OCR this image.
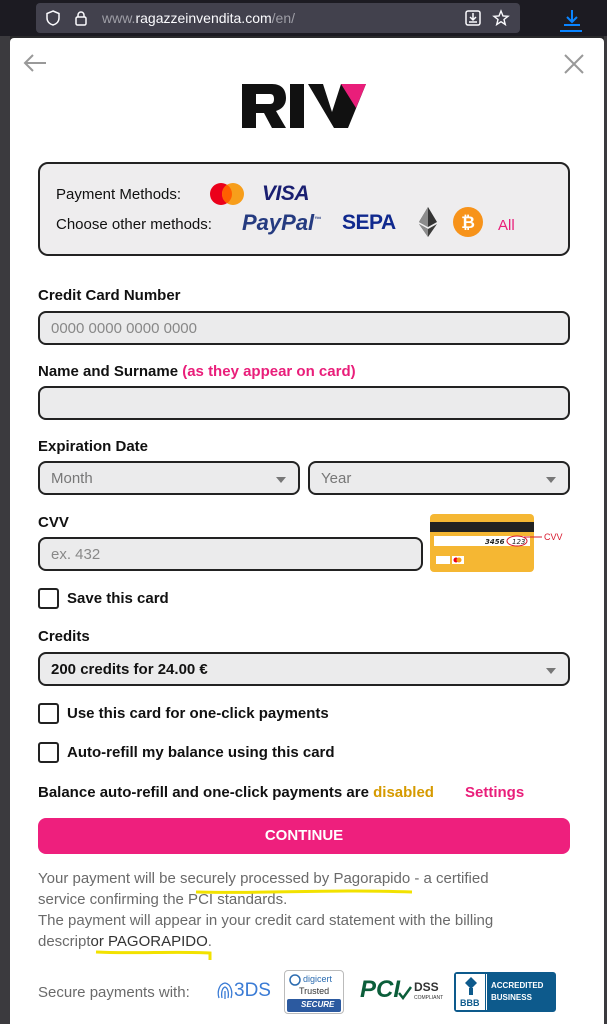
www.ragazzeinvendita.com/en/
Payment Methods:	VISA
Choose other methods: PayPal™ SEPA	₿ All
Credit Card Number
0000 0000 0000 0000
Name and Surname (as they appear on card)
Expiration Date
Month	Year
CVV
ex. 432
3456 123 CVV
Save this card
Credits
200 credits for 24.00 €
Use this card for one-click payments
Auto-refill my balance using this card
Balance auto-refill and one-click payments are disabled Settings
CONTINUE
Your payment will be securely processed by Pagorapido - a certified
service confirming the PCI standards.
The payment will appear in your credit card statement with the billing
descriptor PAGORAPIDO.
Secure payments with: 3DS
digicert
Trusted
SECURE
PCI DSS
COMPLIANT BBB
ACCREDITED
BUSINESS
